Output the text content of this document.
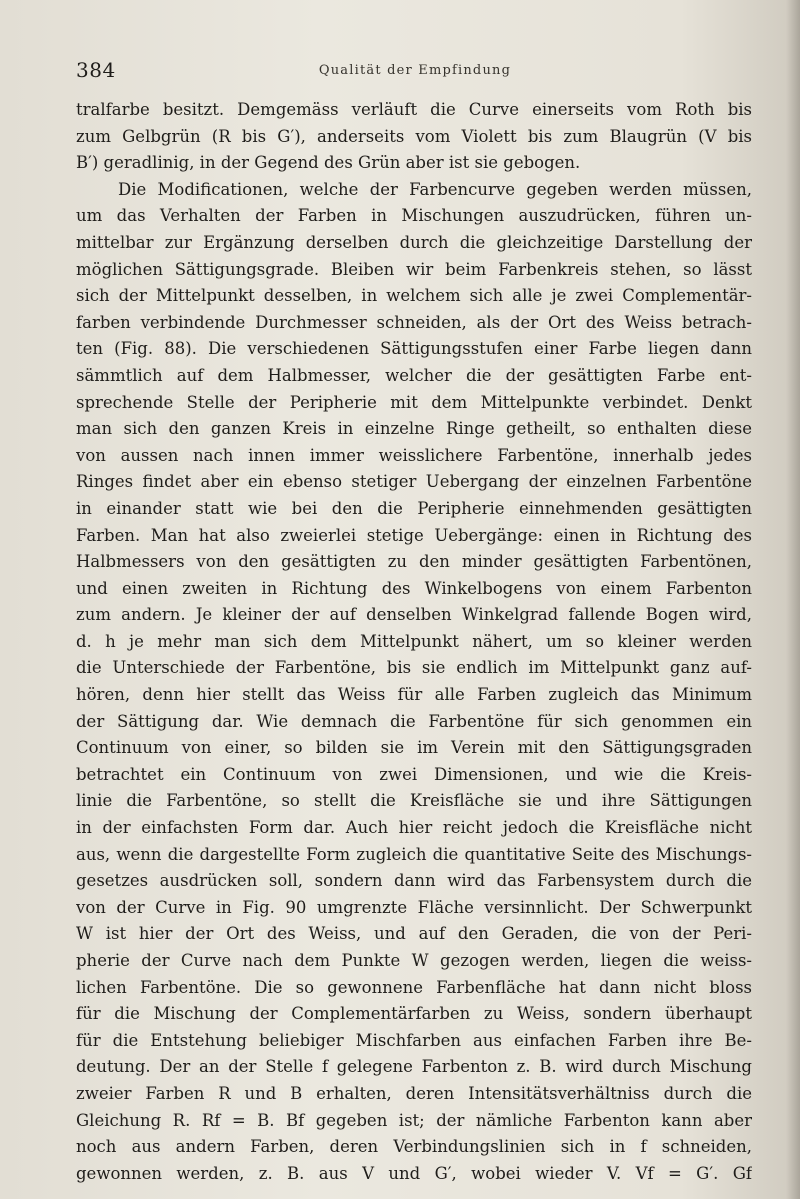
384	Qualität der Empfindung
tralfarbe besitzt. Demgemäss verläuft die Curve einerseits vom Roth bis
zum Gelbgrün (R bis G′), anderseits vom Violett bis zum Blaugrün (V bis
B′) geradlinig, in der Gegend des Grün aber ist sie gebogen.
Die Modificationen, welche der Farbencurve gegeben werden müssen,
um das Verhalten der Farben in Mischungen auszudrücken, führen un-
mittelbar zur Ergänzung derselben durch die gleichzeitige Darstellung der
möglichen Sättigungsgrade. Bleiben wir beim Farbenkreis stehen, so lässt
sich der Mittelpunkt desselben, in welchem sich alle je zwei Complementär-
farben verbindende Durchmesser schneiden, als der Ort des Weiss betrach-
ten (Fig. 88). Die verschiedenen Sättigungsstufen einer Farbe liegen dann
sämmtlich auf dem Halbmesser, welcher die der gesättigten Farbe ent-
sprechende Stelle der Peripherie mit dem Mittelpunkte verbindet. Denkt
man sich den ganzen Kreis in einzelne Ringe getheilt, so enthalten diese
von aussen nach innen immer weisslichere Farbentöne, innerhalb jedes
Ringes findet aber ein ebenso stetiger Uebergang der einzelnen Farbentöne
in einander statt wie bei den die Peripherie einnehmenden gesättigten
Farben. Man hat also zweierlei stetige Uebergänge: einen in Richtung des
Halbmessers von den gesättigten zu den minder gesättigten Farbentönen,
und einen zweiten in Richtung des Winkelbogens von einem Farbenton
zum andern. Je kleiner der auf denselben Winkelgrad fallende Bogen wird,
d. h je mehr man sich dem Mittelpunkt nähert, um so kleiner werden
die Unterschiede der Farbentöne, bis sie endlich im Mittelpunkt ganz auf-
hören, denn hier stellt das Weiss für alle Farben zugleich das Minimum
der Sättigung dar. Wie demnach die Farbentöne für sich genommen ein
Continuum von einer, so bilden sie im Verein mit den Sättigungsgraden
betrachtet ein Continuum von zwei Dimensionen, und wie die Kreis-
linie die Farbentöne, so stellt die Kreisfläche sie und ihre Sättigungen
in der einfachsten Form dar. Auch hier reicht jedoch die Kreisfläche nicht
aus, wenn die dargestellte Form zugleich die quantitative Seite des Mischungs-
gesetzes ausdrücken soll, sondern dann wird das Farbensystem durch die
von der Curve in Fig. 90 umgrenzte Fläche versinnlicht. Der Schwerpunkt
W ist hier der Ort des Weiss, und auf den Geraden, die von der Peri-
pherie der Curve nach dem Punkte W gezogen werden, liegen die weiss-
lichen Farbentöne. Die so gewonnene Farbenfläche hat dann nicht bloss
für die Mischung der Complementärfarben zu Weiss, sondern überhaupt
für die Entstehung beliebiger Mischfarben aus einfachen Farben ihre Be-
deutung. Der an der Stelle f gelegene Farbenton z. B. wird durch Mischung
zweier Farben R und B erhalten, deren Intensitätsverhältniss durch die
Gleichung R. Rf = B. Bf gegeben ist; der nämliche Farbenton kann aber
noch aus andern Farben, deren Verbindungslinien sich in f schneiden,
gewonnen werden, z. B. aus V und G′, wobei wieder V. Vf = G′. Gf
